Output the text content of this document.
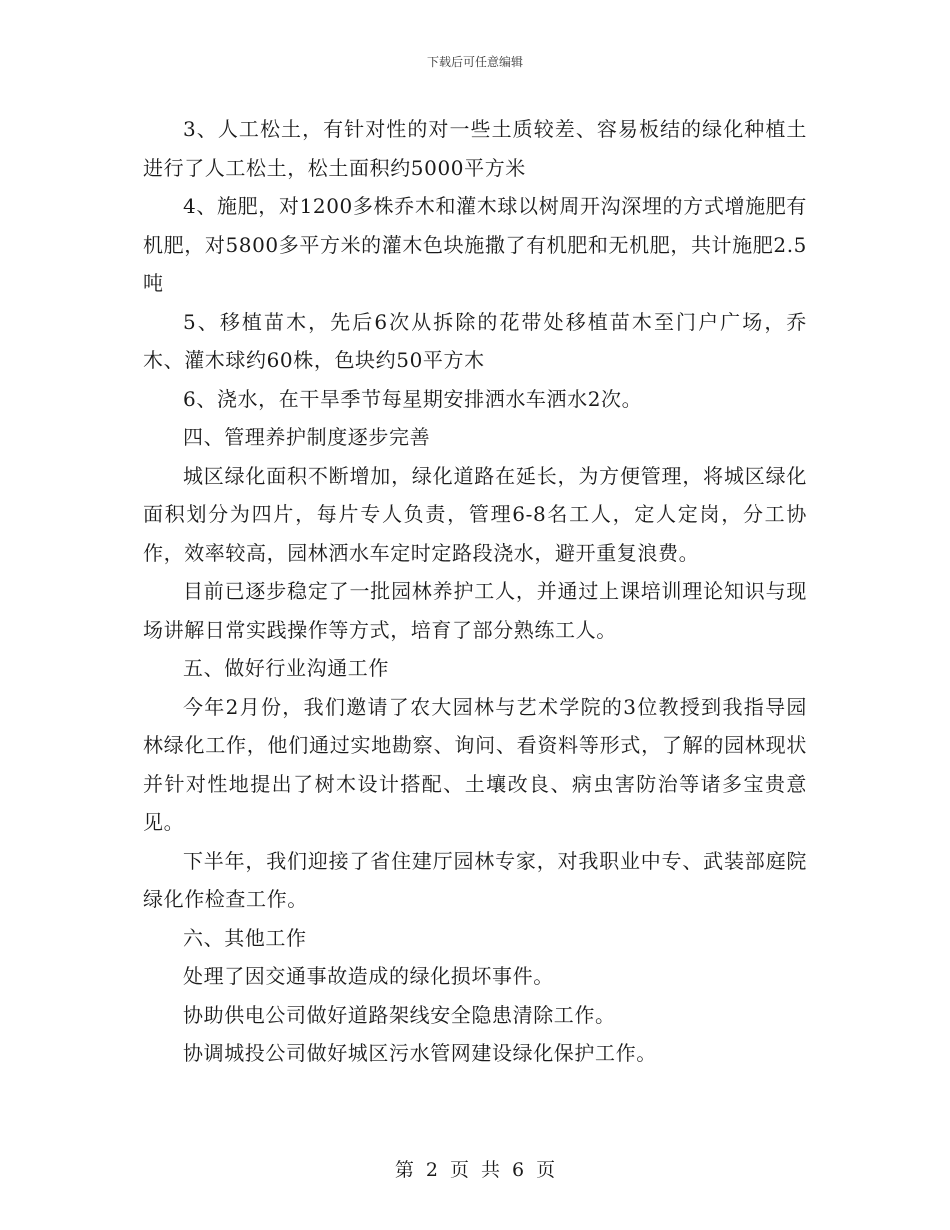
下载后可任意编辑

3、人工松土，有针对性的对一些土质较差、容易板结的绿化种植土进行了人工松土，松土面积约5000平方米

4、施肥，对1200多株乔木和灌木球以树周开沟深埋的方式增施肥有机肥，对5800多平方米的灌木色块施撒了有机肥和无机肥，共计施肥2.5吨

5、移植苗木，先后6次从拆除的花带处移植苗木至门户广场，乔木、灌木球约60株，色块约50平方木

6、浇水，在干旱季节每星期安排洒水车洒水2次。

四、管理养护制度逐步完善

城区绿化面积不断增加，绿化道路在延长，为方便管理，将城区绿化面积划分为四片，每片专人负责，管理6-8名工人，定人定岗，分工协作，效率较高，园林洒水车定时定路段浇水，避开重复浪费。

目前已逐步稳定了一批园林养护工人，并通过上课培训理论知识与现场讲解日常实践操作等方式，培育了部分熟练工人。

五、做好行业沟通工作

今年2月份，我们邀请了农大园林与艺术学院的3位教授到我指导园林绿化工作，他们通过实地勘察、询问、看资料等形式，了解的园林现状并针对性地提出了树木设计搭配、土壤改良、病虫害防治等诸多宝贵意见。

下半年，我们迎接了省住建厅园林专家，对我职业中专、武装部庭院绿化作检查工作。

六、其他工作

处理了因交通事故造成的绿化损坏事件。

协助供电公司做好道路架线安全隐患清除工作。

协调城投公司做好城区污水管网建设绿化保护工作。

第 2 页 共 6 页
